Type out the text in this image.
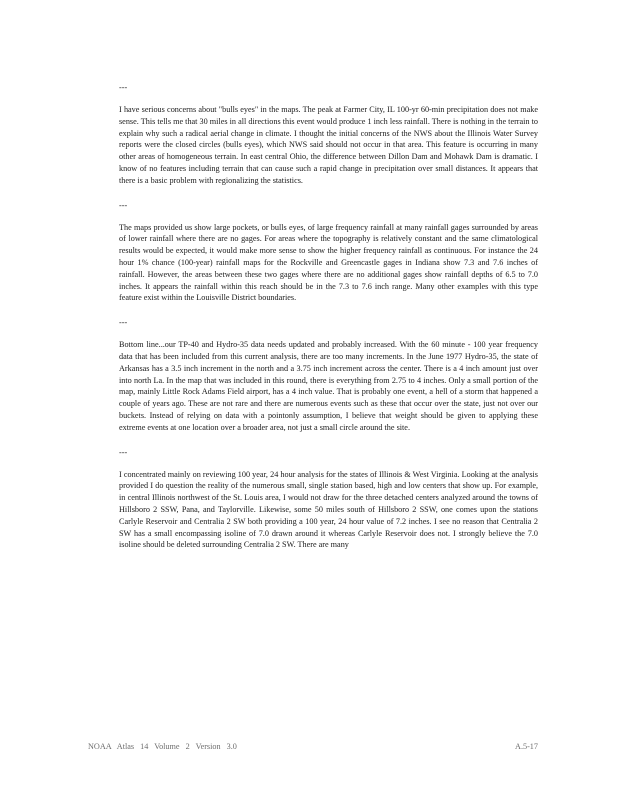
---

I have serious concerns about "bulls eyes" in the maps. The peak at Farmer City, IL 100-yr 60-min precipitation does not make sense. This tells me that 30 miles in all directions this event would produce 1 inch less rainfall. There is nothing in the terrain to explain why such a radical aerial change in climate. I thought the initial concerns of the NWS about the Illinois Water Survey reports were the closed circles (bulls eyes), which NWS said should not occur in that area. This feature is occurring in many other areas of homogeneous terrain. In east central Ohio, the difference between Dillon Dam and Mohawk Dam is dramatic. I know of no features including terrain that can cause such a rapid change in precipitation over small distances. It appears that there is a basic problem with regionalizing the statistics.

---

The maps provided us show large pockets, or bulls eyes, of large frequency rainfall at many rainfall gages surrounded by areas of lower rainfall where there are no gages. For areas where the topography is relatively constant and the same climatological results would be expected, it would make more sense to show the higher frequency rainfall as continuous. For instance the 24 hour 1% chance (100-year) rainfall maps for the Rockville and Greencastle gages in Indiana show 7.3 and 7.6 inches of rainfall. However, the areas between these two gages where there are no additional gages show rainfall depths of 6.5 to 7.0 inches. It appears the rainfall within this reach should be in the 7.3 to 7.6 inch range. Many other examples with this type feature exist within the Louisville District boundaries.

---

Bottom line...our TP-40 and Hydro-35 data needs updated and probably increased. With the 60 minute - 100 year frequency data that has been included from this current analysis, there are too many increments. In the June 1977 Hydro-35, the state of Arkansas has a 3.5 inch increment in the north and a 3.75 inch increment across the center. There is a 4 inch amount just over into north La. In the map that was included in this round, there is everything from 2.75 to 4 inches. Only a small portion of the map, mainly Little Rock Adams Field airport, has a 4 inch value. That is probably one event, a hell of a storm that happened a couple of years ago. These are not rare and there are numerous events such as these that occur over the state, just not over our buckets. Instead of relying on data with a pointonly assumption, I believe that weight should be given to applying these extreme events at one location over a broader area, not just a small circle around the site.

---

I concentrated mainly on reviewing 100 year, 24 hour analysis for the states of Illinois & West Virginia. Looking at the analysis provided I do question the reality of the numerous small, single station based, high and low centers that show up. For example, in central Illinois northwest of the St. Louis area, I would not draw for the three detached centers analyzed around the towns of Hillsboro 2 SSW, Pana, and Taylorville. Likewise, some 50 miles south of Hillsboro 2 SSW, one comes upon the stations Carlyle Reservoir and Centralia 2 SW both providing a 100 year, 24 hour value of 7.2 inches. I see no reason that Centralia 2 SW has a small encompassing isoline of 7.0 drawn around it whereas Carlyle Reservoir does not. I strongly believe the 7.0 isoline should be deleted surrounding Centralia 2 SW. There are many

NOAA Atlas 14 Volume 2 Version 3.0	A.5-17
